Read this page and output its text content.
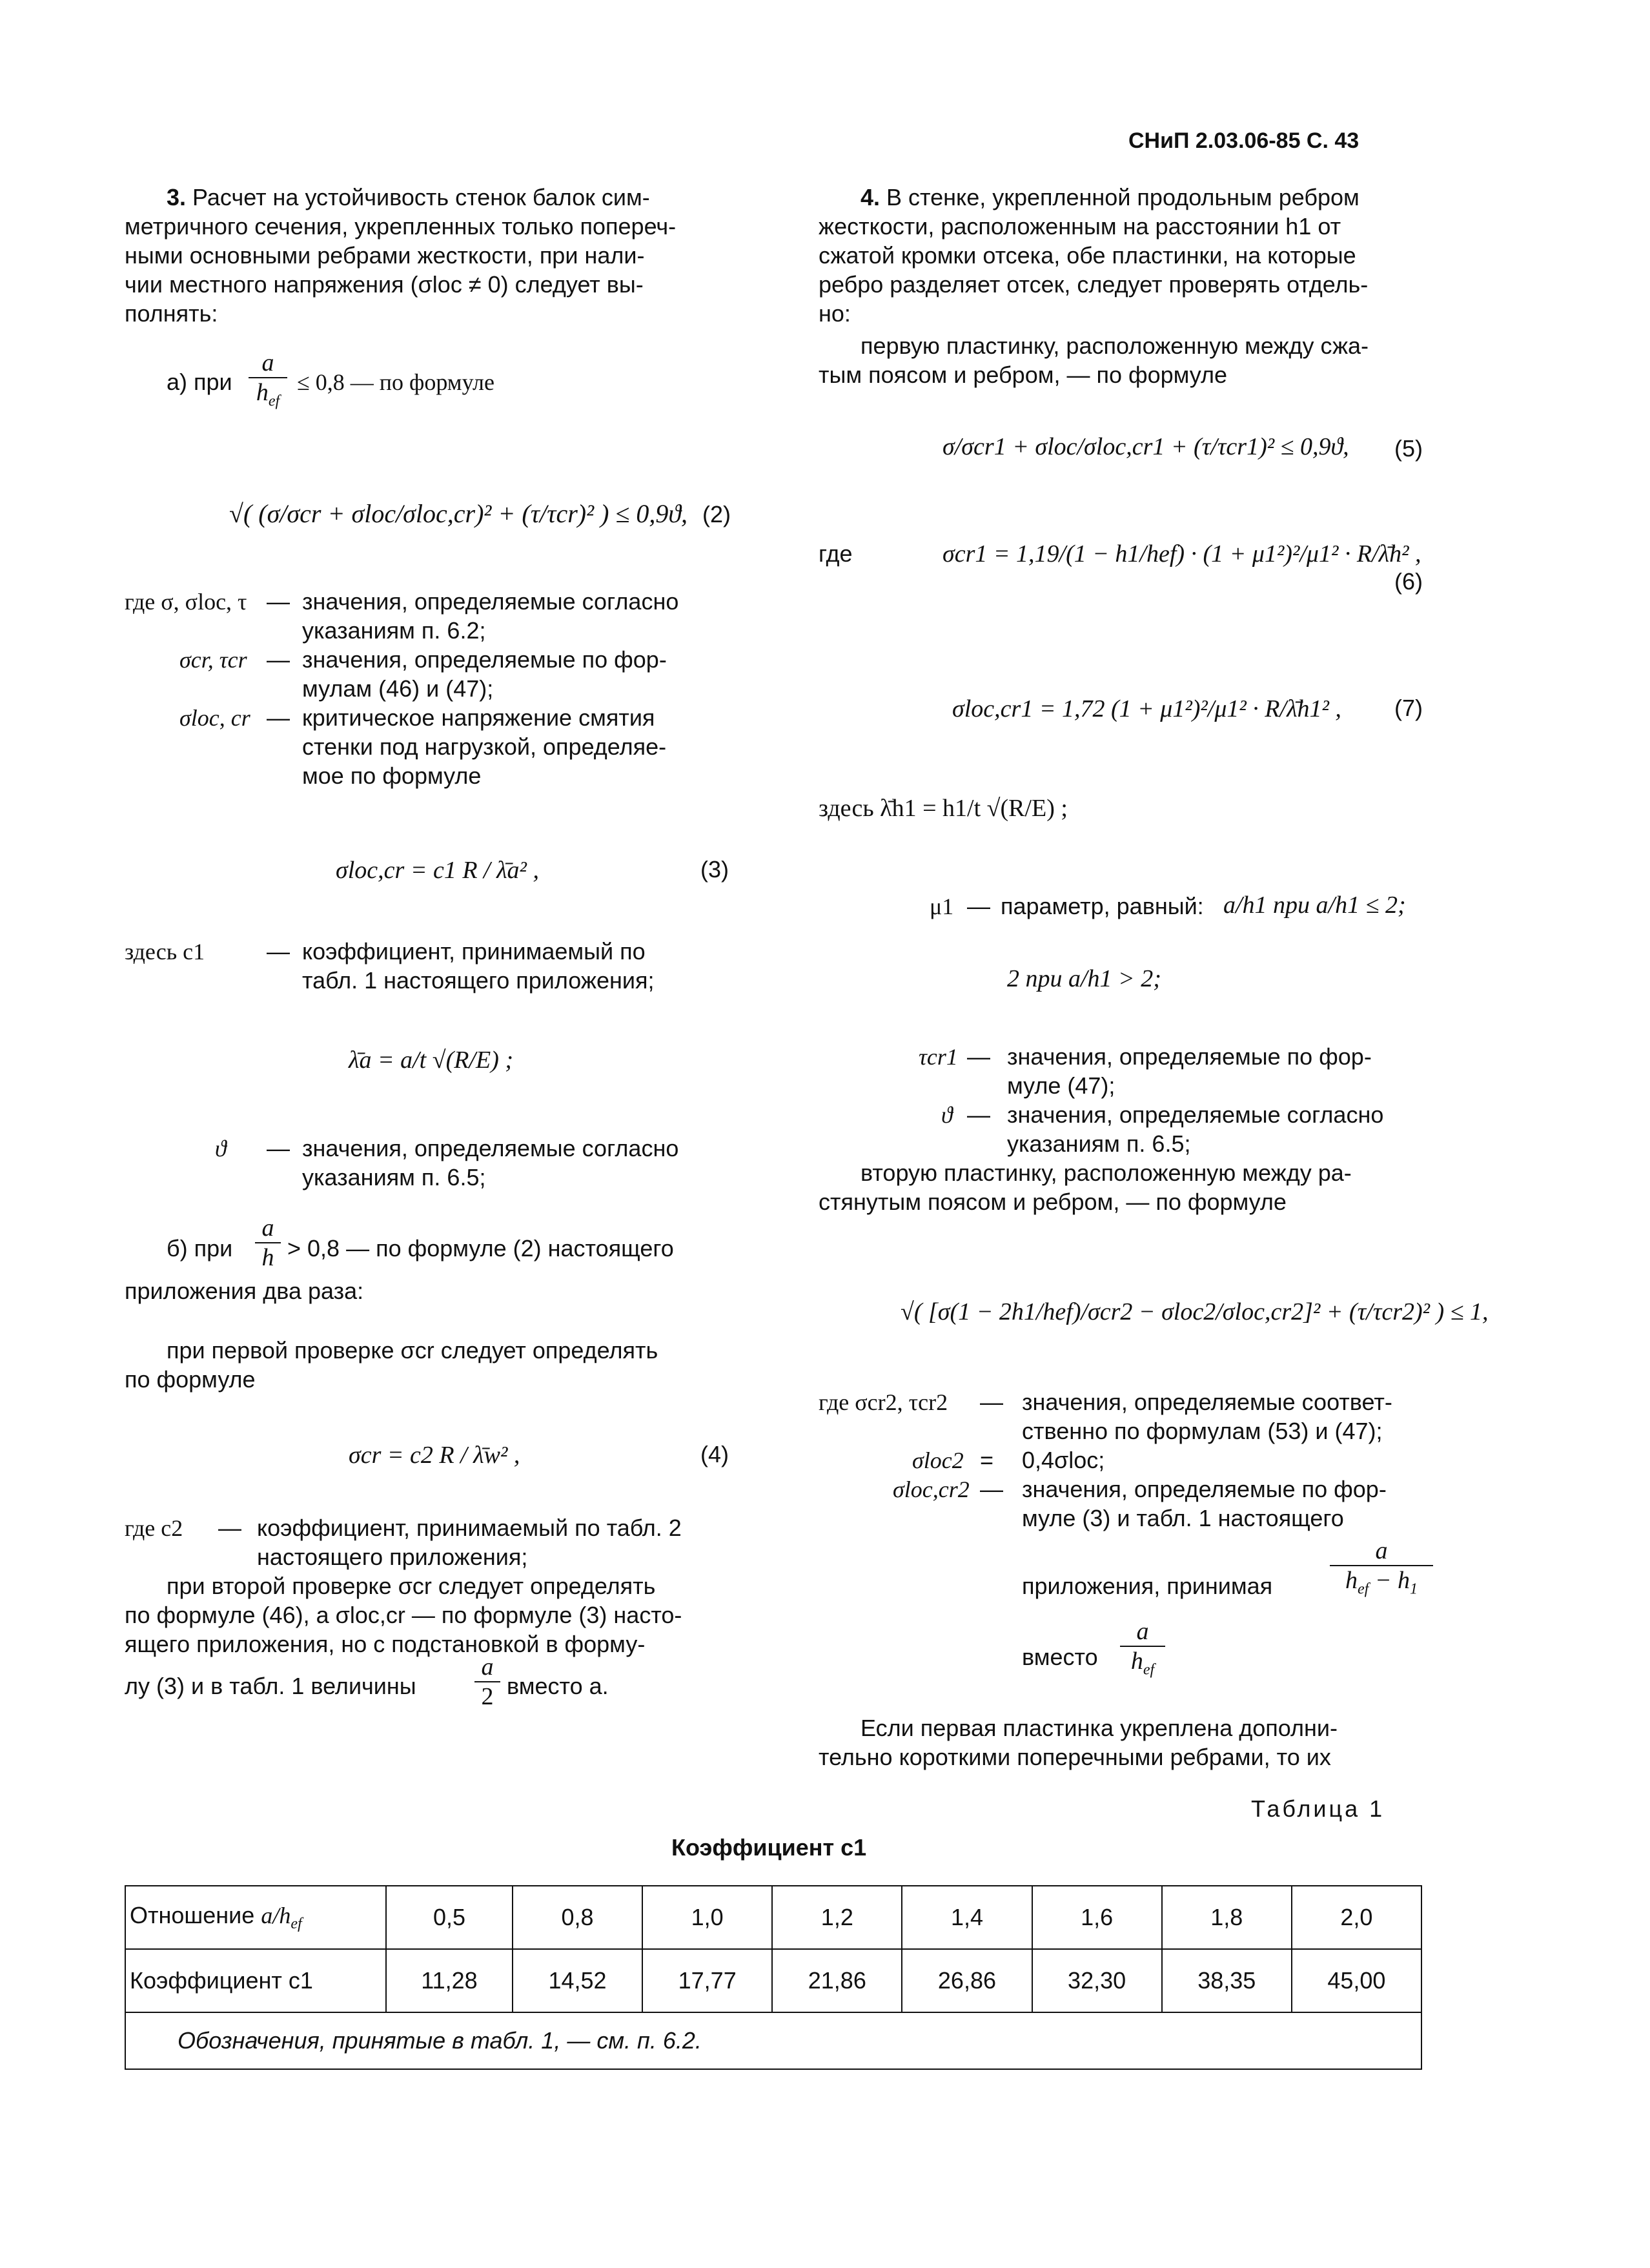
СНиП 2.03.06-85 С. 43
3. Расчет на устойчивость стенок балок сим-
метричного сечения, укрепленных только попереч-
ными основными ребрами жесткости, при нали-
чии местного напряжения (σloc ≠ 0) следует вы-
полнять:
а) при
a
$h_{ef}$
≤ 0,8 — по формуле
√( (σ/σcr + σloc/σloc,cr)² + (τ/τcr)² ) ≤ 0,9ϑ, (2)
где σ, σloc, τ — значения, определяемые согласно
указаниям п. 6.2;
σcr, τcr — значения, определяемые по фор-
мулам (46) и (47);
σloc, cr — критическое напряжение смятия
стенки под нагрузкой, определяе-
мое по формуле
σloc,cr = c1 R / λ̄a² ,	(3)
здесь c1	— коэффициент, принимаемый по
табл. 1 настоящего приложения;
λ̄a = a/t √(R/E) ;
ϑ — значения, определяемые согласно
указаниям п. 6.5;
б) при $\frac{a}{h} > 0,8$ — по формуле (2) настоящего
приложения два раза:
при первой проверке σcr следует определять
по формуле
σcr = c2 R / λ̄w² ,	(4)
где c2 — коэффициент, принимаемый по табл. 2
настоящего приложения;
при второй проверке σcr следует определять
по формуле (46), а σloc,cr — по формуле (3) насто-
ящего приложения, но с подстановкой в форму-
лу (3) и в табл. 1 величины $\frac{a}{2}$ вместо a.
4. В стенке, укрепленной продольным ребром
жесткости, расположенным на расстоянии h1 от
сжатой кромки отсека, обе пластинки, на которые
ребро разделяет отсек, следует проверять отдель-
но:
первую пластинку, расположенную между сжа-
тым поясом и ребром, — по формуле
σ/σcr1 + σloc/σloc,cr1 + (τ/τcr1)² ≤ 0,9ϑ, (5)
где	σcr1 = 1,19/(1 − h1/hef) · (1 + μ1²)²/μ1² · R/λ̄h² ,
(6)
σloc,cr1 = 1,72 (1 + μ1²)²/μ1² · R/λ̄h1² , (7)
здесь λ̄h1 = h1/t √(R/E) ;
μ1 — параметр, равный: a/h1 при a/h1 ≤ 2;
2 при a/h1 > 2;
τcr1 — значения, определяемые по фор-
муле (47);
ϑ — значения, определяемые согласно
указаниям п. 6.5;
вторую пластинку, расположенную между ра-
стянутым поясом и ребром, — по формуле
√( [σ(1 − 2h1/hef)/σcr2 − σloc2/σloc,cr2]² + (τ/τcr2)² ) ≤ 1,
где σcr2, τcr2 — значения, определяемые соответ-
ственно по формулам (53) и (47);
σloc2 = 0,4σloc;
σloc,cr2 — значения, определяемые по фор-
муле (3) и табл. 1 настоящего
приложения, принимая
a
$h_{ef} - h_1$
вместо
a
$h_{ef}$
Если первая пластинка укреплена дополни-
тельно короткими поперечными ребрами, то их
Таблица 1
Коэффициент c1
Отношение $a/h_{ef}$	0,5	0,8	1,0	1,2	1,4	1,6	1,8	2,0
Коэффициент c1	11,28	14,52	17,77	21,86	26,86	32,30	38,35	45,00
Обозначения, принятые в табл. 1, — см. п. 6.2.								
